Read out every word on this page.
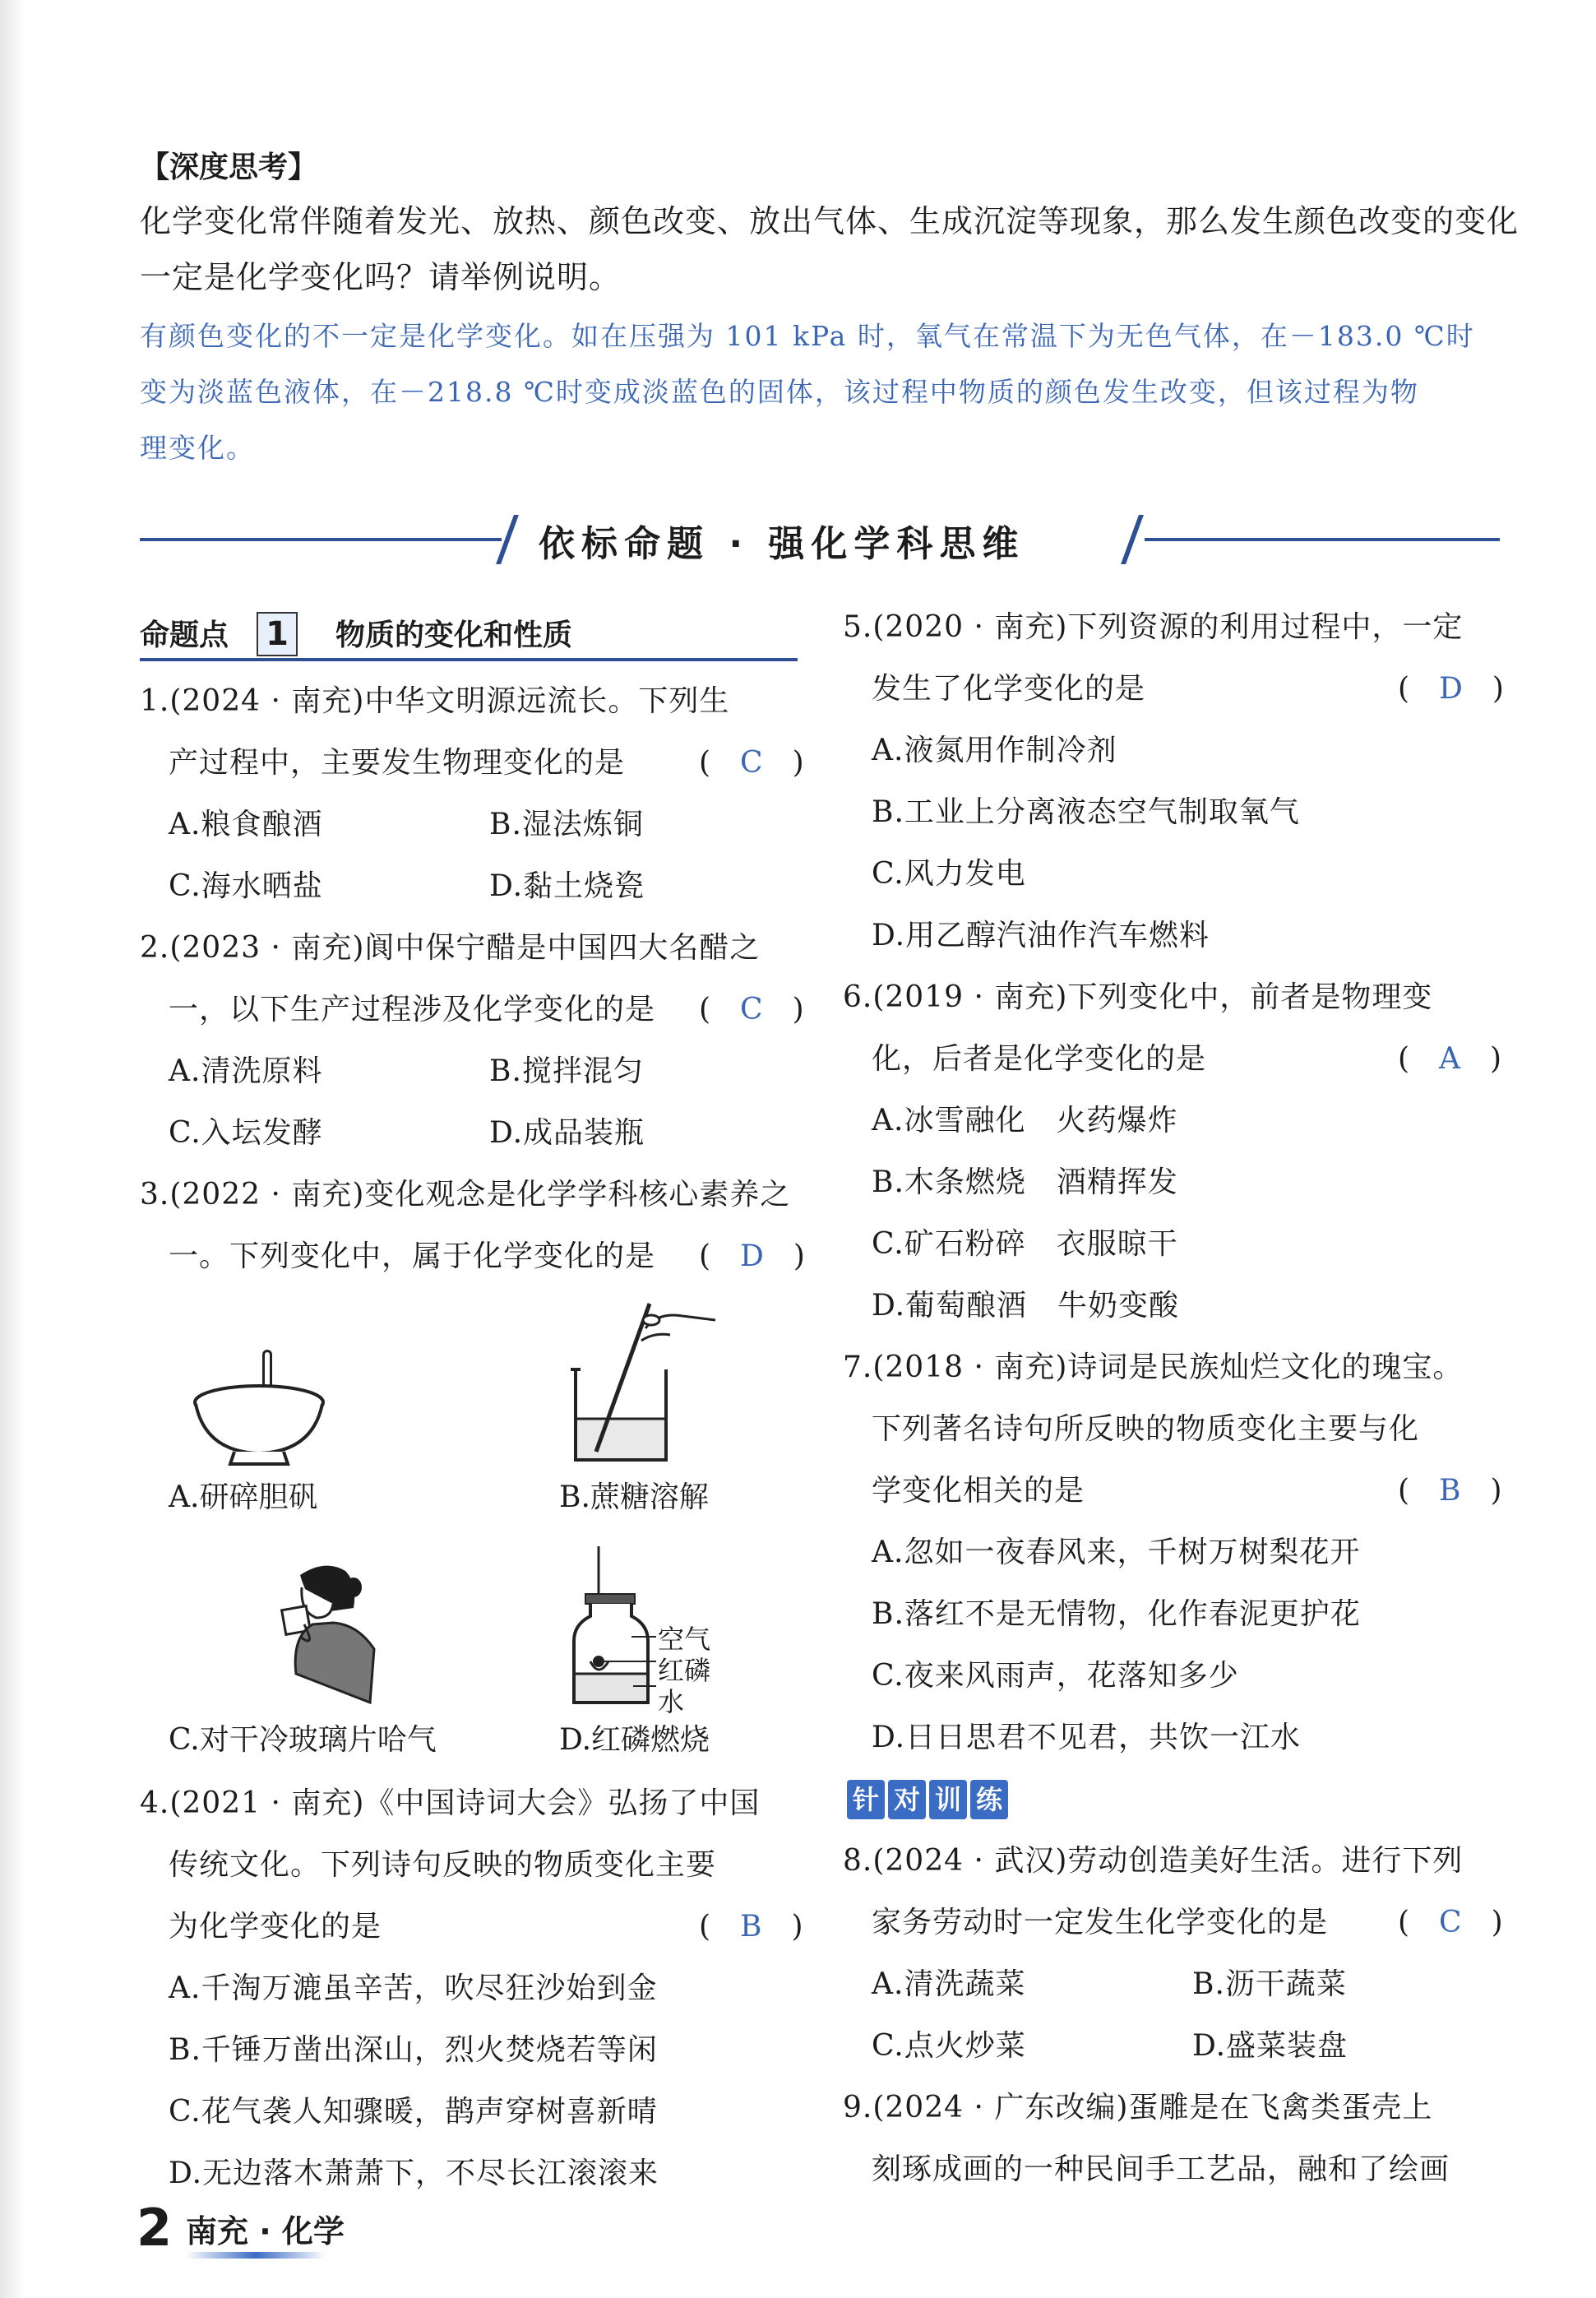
【深度思考】
化学变化常伴随着发光、放热、颜色改变、放出气体、生成沉淀等现象，那么发生颜色改变的变化
一定是化学变化吗？请举例说明。
有颜色变化的不一定是化学变化。如在压强为 101 kPa 时，氧气在常温下为无色气体，在－183.0 ℃时
变为淡蓝色液体，在－218.8 ℃时变成淡蓝色的固体，该过程中物质的颜色发生改变，但该过程为物
理变化。
依标命题 · 强化学科思维
命题点 1	物质的变化和性质
1.(2024 · 南充)中华文明源远流长。下列生
产过程中，主要发生物理变化的是 (　C　)
A.粮食酿酒	B.湿法炼铜
C.海水晒盐	D.黏土烧瓷
2.(2023 · 南充)阆中保宁醋是中国四大名醋之
一，以下生产过程涉及化学变化的是 (　C　)
A.清洗原料	B.搅拌混匀
C.入坛发酵	D.成品装瓶
3.(2022 · 南充)变化观念是化学学科核心素养之
一。下列变化中，属于化学变化的是 (　D　)
A.研碎胆矾	B.蔗糖溶解
C.对干冷玻璃片哈气
空气
红磷
水
D.红磷燃烧
4.(2021 · 南充)《中国诗词大会》弘扬了中国
传统文化。下列诗句反映的物质变化主要
为化学变化的是	(　B　)
A.千淘万漉虽辛苦，吹尽狂沙始到金
B.千锤万凿出深山，烈火焚烧若等闲
C.花气袭人知骤暖，鹊声穿树喜新晴
D.无边落木萧萧下，不尽长江滚滚来
5.(2020 · 南充)下列资源的利用过程中，一定
发生了化学变化的是	(　D　)
A.液氮用作制冷剂
B.工业上分离液态空气制取氧气
C.风力发电
D.用乙醇汽油作汽车燃料
6.(2019 · 南充)下列变化中，前者是物理变
化，后者是化学变化的是	(　A　)
A.冰雪融化　火药爆炸
B.木条燃烧　酒精挥发
C.矿石粉碎　衣服晾干
D.葡萄酿酒　牛奶变酸
7.(2018 · 南充)诗词是民族灿烂文化的瑰宝。
下列著名诗句所反映的物质变化主要与化
学变化相关的是	(　B　)
A.忽如一夜春风来，千树万树梨花开
B.落红不是无情物，化作春泥更护花
C.夜来风雨声，花落知多少
D.日日思君不见君，共饮一江水
针 对 训 练
8.(2024 · 武汉)劳动创造美好生活。进行下列
家务劳动时一定发生化学变化的是 (　C　)
A.清洗蔬菜	B.沥干蔬菜
C.点火炒菜	D.盛菜装盘
9.(2024 · 广东改编)蛋雕是在飞禽类蛋壳上
刻琢成画的一种民间手工艺品，融和了绘画
2 南充 · 化学
